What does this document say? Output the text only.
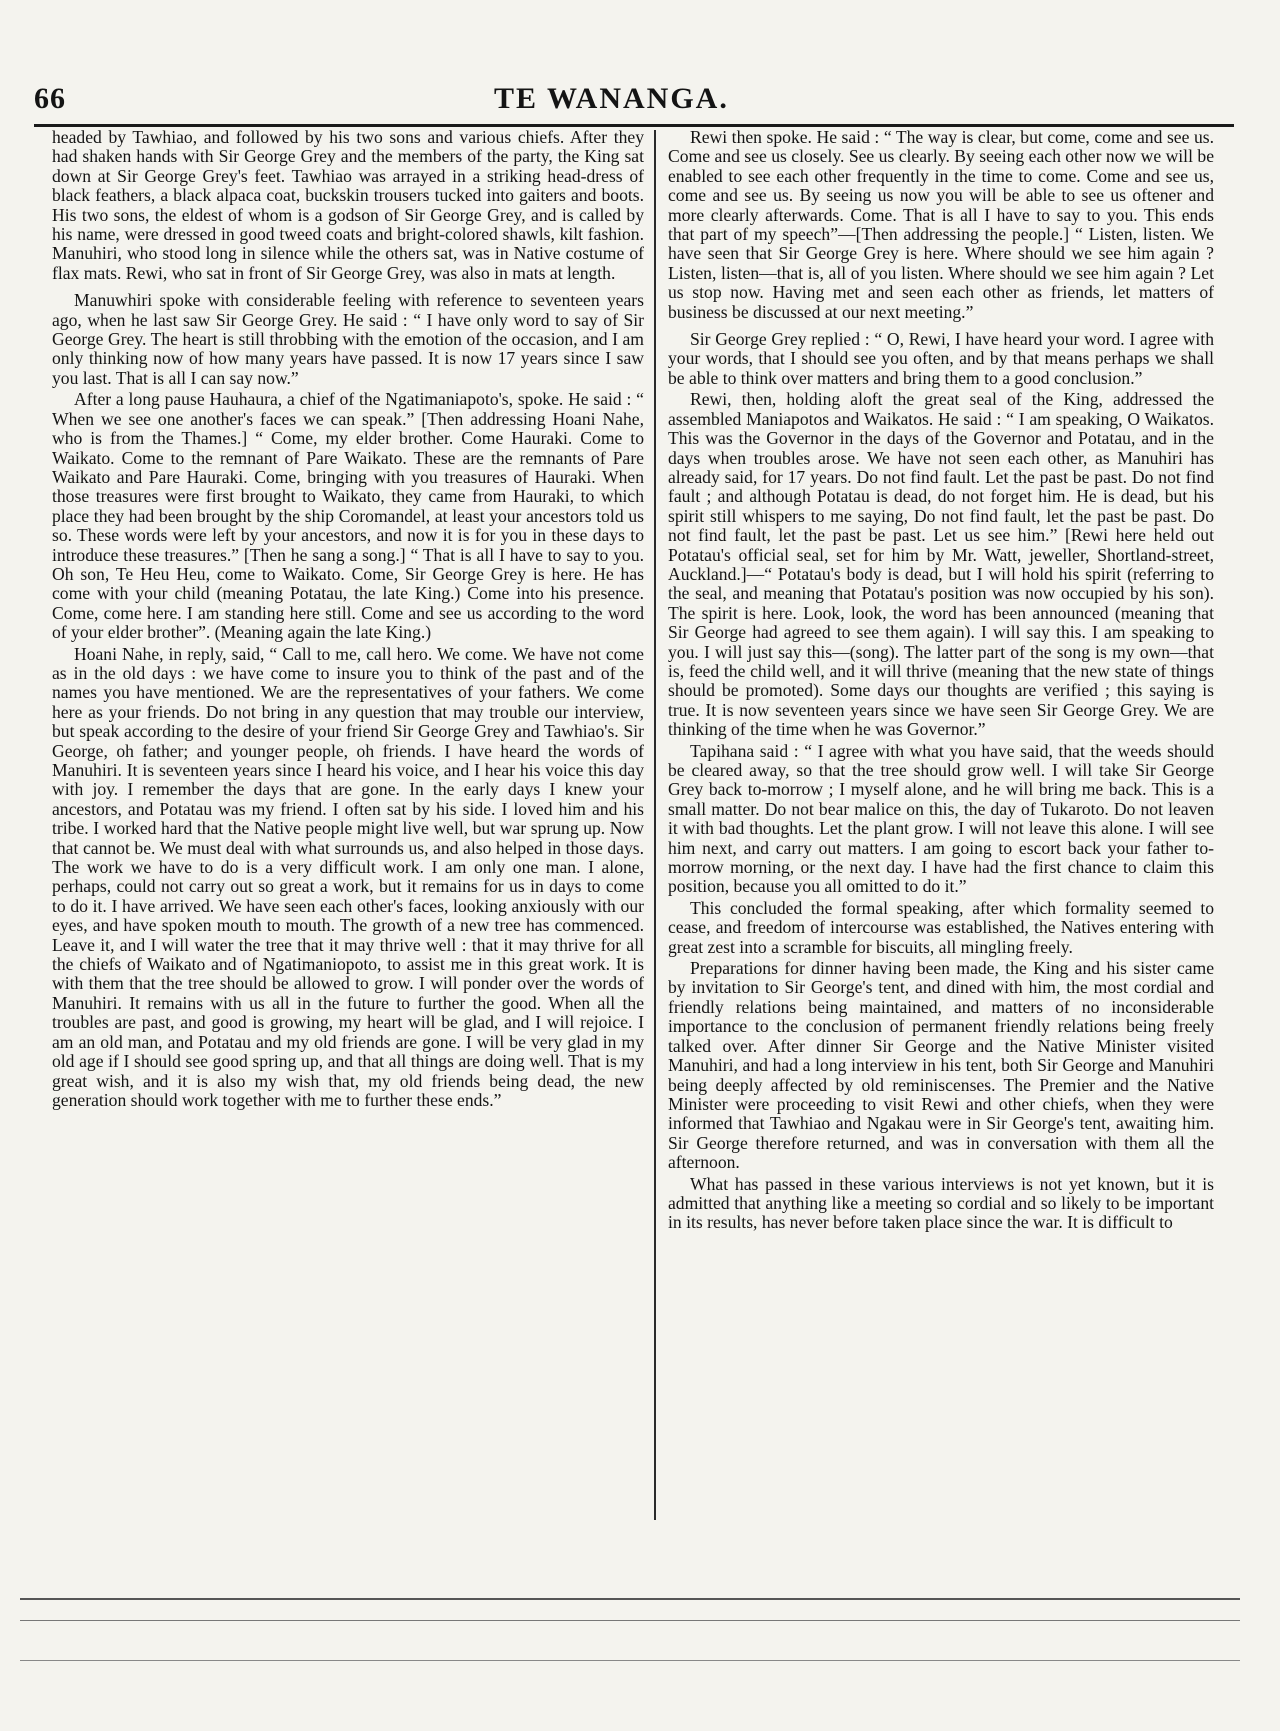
66	TE WANANGA.

headed by Tawhiao, and followed by his two sons and various chiefs. After they had shaken hands with Sir George Grey and the members of the party, the King sat down at Sir George Grey's feet. Tawhiao was arrayed in a striking head-dress of black feathers, a black alpaca coat, buckskin trousers tucked into gaiters and boots. His two sons, the eldest of whom is a godson of Sir George Grey, and is called by his name, were dressed in good tweed coats and bright-colored shawls, kilt fashion. Manuhiri, who stood long in silence while the others sat, was in Native costume of flax mats. Rewi, who sat in front of Sir George Grey, was also in mats at length.

Manuwhiri spoke with considerable feeling with reference to seventeen years ago, when he last saw Sir George Grey. He said : “ I have only word to say of Sir George Grey. The heart is still throbbing with the emotion of the occasion, and I am only thinking now of how many years have passed. It is now 17 years since I saw you last. That is all I can say now.”

After a long pause Hauhaura, a chief of the Ngatimaniapoto's, spoke. He said : “ When we see one another's faces we can speak.” [Then addressing Hoani Nahe, who is from the Thames.] “ Come, my elder brother. Come Hauraki. Come to Waikato. Come to the remnant of Pare Waikato. These are the remnants of Pare Waikato and Pare Hauraki. Come, bringing with you treasures of Hauraki. When those treasures were first brought to Waikato, they came from Hauraki, to which place they had been brought by the ship Coromandel, at least your ancestors told us so. These words were left by your ancestors, and now it is for you in these days to introduce these treasures.” [Then he sang a song.] “ That is all I have to say to you. Oh son, Te Heu Heu, come to Waikato. Come, Sir George Grey is here. He has come with your child (meaning Potatau, the late King.) Come into his presence. Come, come here. I am standing here still. Come and see us according to the word of your elder brother”. (Meaning again the late King.)

Hoani Nahe, in reply, said, “ Call to me, call hero. We come. We have not come as in the old days : we have come to insure you to think of the past and of the names you have mentioned. We are the representatives of your fathers. We come here as your friends. Do not bring in any question that may trouble our interview, but speak according to the desire of your friend Sir George Grey and Tawhiao's. Sir George, oh father; and younger people, oh friends. I have heard the words of Manuhiri. It is seventeen years since I heard his voice, and I hear his voice this day with joy. I remember the days that are gone. In the early days I knew your ancestors, and Potatau was my friend. I often sat by his side. I loved him and his tribe. I worked hard that the Native people might live well, but war sprung up. Now that cannot be. We must deal with what surrounds us, and also helped in those days. The work we have to do is a very difficult work. I am only one man. I alone, perhaps, could not carry out so great a work, but it remains for us in days to come to do it. I have arrived. We have seen each other's faces, looking anxiously with our eyes, and have spoken mouth to mouth. The growth of a new tree has commenced. Leave it, and I will water the tree that it may thrive well : that it may thrive for all the chiefs of Waikato and of Ngatimaniopoto, to assist me in this great work. It is with them that the tree should be allowed to grow. I will ponder over the words of Manuhiri. It remains with us all in the future to further the good. When all the troubles are past, and good is growing, my heart will be glad, and I will rejoice. I am an old man, and Potatau and my old friends are gone. I will be very glad in my old age if I should see good spring up, and that all things are doing well. That is my great wish, and it is also my wish that, my old friends being dead, the new generation should work together with me to further these ends.”

Rewi then spoke. He said : “ The way is clear, but come, come and see us. Come and see us closely. See us clearly. By seeing each other now we will be enabled to see each other frequently in the time to come. Come and see us, come and see us. By seeing us now you will be able to see us oftener and more clearly afterwards. Come. That is all I have to say to you. This ends that part of my speech”—[Then addressing the people.] “ Listen, listen. We have seen that Sir George Grey is here. Where should we see him again ? Listen, listen—that is, all of you listen. Where should we see him again ? Let us stop now. Having met and seen each other as friends, let matters of business be discussed at our next meeting.”

Sir George Grey replied : “ O, Rewi, I have heard your word. I agree with your words, that I should see you often, and by that means perhaps we shall be able to think over matters and bring them to a good conclusion.”

Rewi, then, holding aloft the great seal of the King, addressed the assembled Maniapotos and Waikatos. He said : “ I am speaking, O Waikatos. This was the Governor in the days of the Governor and Potatau, and in the days when troubles arose. We have not seen each other, as Manuhiri has already said, for 17 years. Do not find fault. Let the past be past. Do not find fault ; and although Potatau is dead, do not forget him. He is dead, but his spirit still whispers to me saying, Do not find fault, let the past be past. Do not find fault, let the past be past. Let us see him.” [Rewi here held out Potatau's official seal, set for him by Mr. Watt, jeweller, Shortland-street, Auckland.]—“ Potatau's body is dead, but I will hold his spirit (referring to the seal, and meaning that Potatau's position was now occupied by his son). The spirit is here. Look, look, the word has been announced (meaning that Sir George had agreed to see them again). I will say this. I am speaking to you. I will just say this—(song). The latter part of the song is my own—that is, feed the child well, and it will thrive (meaning that the new state of things should be promoted). Some days our thoughts are verified ; this saying is true. It is now seventeen years since we have seen Sir George Grey. We are thinking of the time when he was Governor.”

Tapihana said : “ I agree with what you have said, that the weeds should be cleared away, so that the tree should grow well. I will take Sir George Grey back to-morrow ; I myself alone, and he will bring me back. This is a small matter. Do not bear malice on this, the day of Tukaroto. Do not leaven it with bad thoughts. Let the plant grow. I will not leave this alone. I will see him next, and carry out matters. I am going to escort back your father to-morrow morning, or the next day. I have had the first chance to claim this position, because you all omitted to do it.”

This concluded the formal speaking, after which formality seemed to cease, and freedom of intercourse was established, the Natives entering with great zest into a scramble for biscuits, all mingling freely.

Preparations for dinner having been made, the King and his sister came by invitation to Sir George's tent, and dined with him, the most cordial and friendly relations being maintained, and matters of no inconsiderable importance to the conclusion of permanent friendly relations being freely talked over. After dinner Sir George and the Native Minister visited Manuhiri, and had a long interview in his tent, both Sir George and Manuhiri being deeply affected by old reminiscenses. The Premier and the Native Minister were proceeding to visit Rewi and other chiefs, when they were informed that Tawhiao and Ngakau were in Sir George's tent, awaiting him. Sir George therefore returned, and was in conversation with them all the afternoon.

What has passed in these various interviews is not yet known, but it is admitted that anything like a meeting so cordial and so likely to be important in its results, has never before taken place since the war. It is difficult to
